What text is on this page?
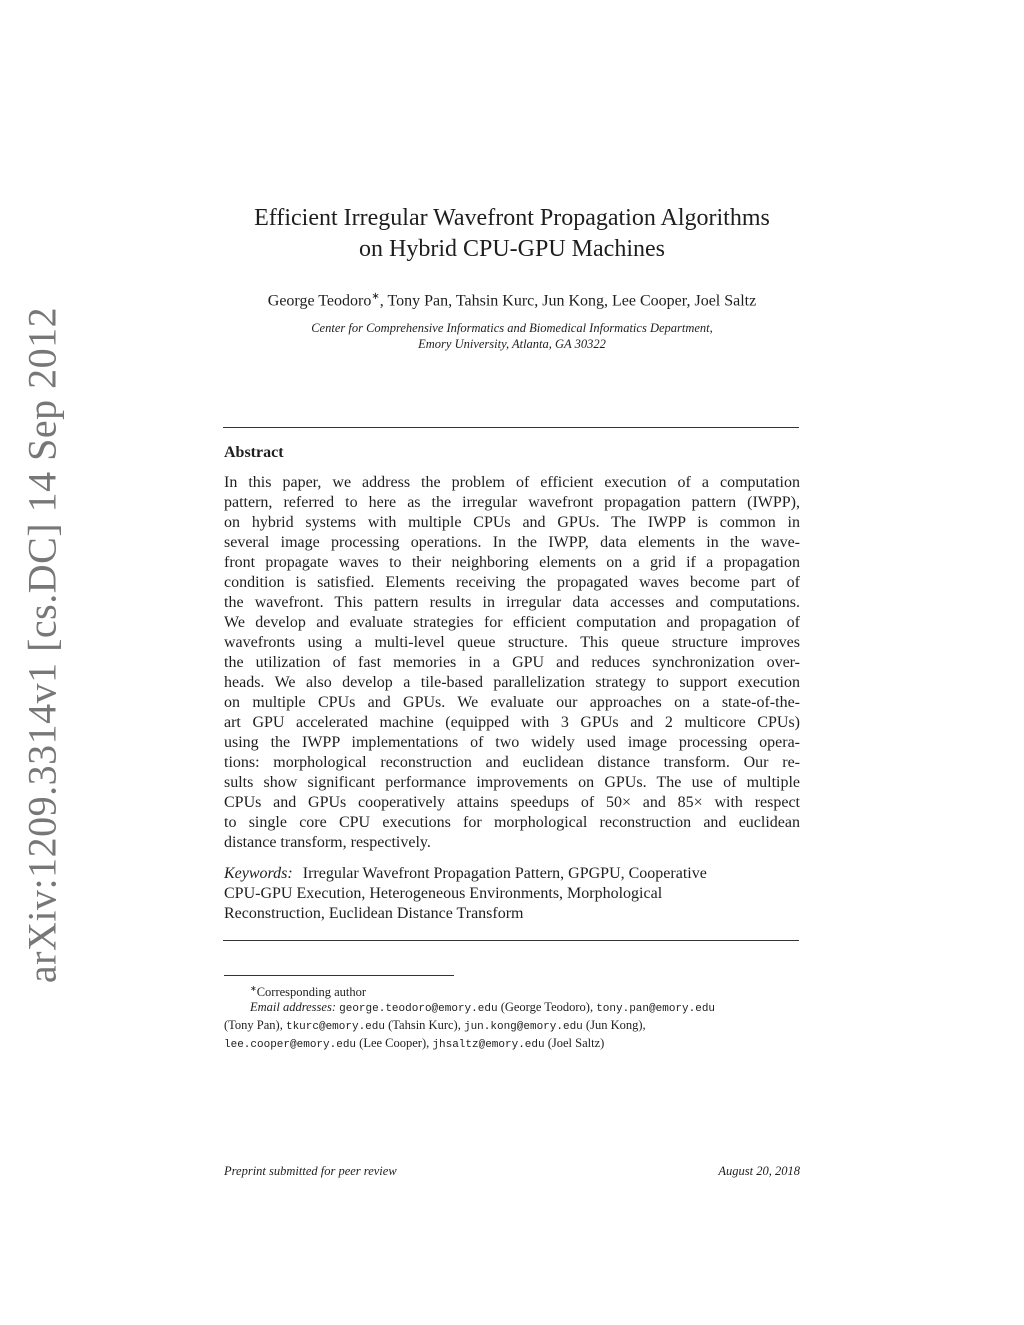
arXiv:1209.3314v1 [cs.DC] 14 Sep 2012
Efficient Irregular Wavefront Propagation Algorithms
on Hybrid CPU-GPU Machines
George Teodoro∗, Tony Pan, Tahsin Kurc, Jun Kong, Lee Cooper, Joel Saltz
Center for Comprehensive Informatics and Biomedical Informatics Department,
Emory University, Atlanta, GA 30322
Abstract
In this paper, we address the problem of efficient execution of a computation
pattern, referred to here as the irregular wavefront propagation pattern (IWPP),
on hybrid systems with multiple CPUs and GPUs. The IWPP is common in
several image processing operations. In the IWPP, data elements in the wave-
front propagate waves to their neighboring elements on a grid if a propagation
condition is satisfied. Elements receiving the propagated waves become part of
the wavefront. This pattern results in irregular data accesses and computations.
We develop and evaluate strategies for efficient computation and propagation of
wavefronts using a multi-level queue structure. This queue structure improves
the utilization of fast memories in a GPU and reduces synchronization over-
heads. We also develop a tile-based parallelization strategy to support execution
on multiple CPUs and GPUs. We evaluate our approaches on a state-of-the-
art GPU accelerated machine (equipped with 3 GPUs and 2 multicore CPUs)
using the IWPP implementations of two widely used image processing opera-
tions: morphological reconstruction and euclidean distance transform. Our re-
sults show significant performance improvements on GPUs. The use of multiple
CPUs and GPUs cooperatively attains speedups of 50× and 85× with respect
to single core CPU executions for morphological reconstruction and euclidean
distance transform, respectively.
Keywords: Irregular Wavefront Propagation Pattern, GPGPU, Cooperative
CPU-GPU Execution, Heterogeneous Environments, Morphological
Reconstruction, Euclidean Distance Transform
∗Corresponding author
Email addresses: george.teodoro@emory.edu (George Teodoro), tony.pan@emory.edu
(Tony Pan), tkurc@emory.edu (Tahsin Kurc), jun.kong@emory.edu (Jun Kong),
lee.cooper@emory.edu (Lee Cooper), jhsaltz@emory.edu (Joel Saltz)
Preprint submitted for peer review	August 20, 2018
